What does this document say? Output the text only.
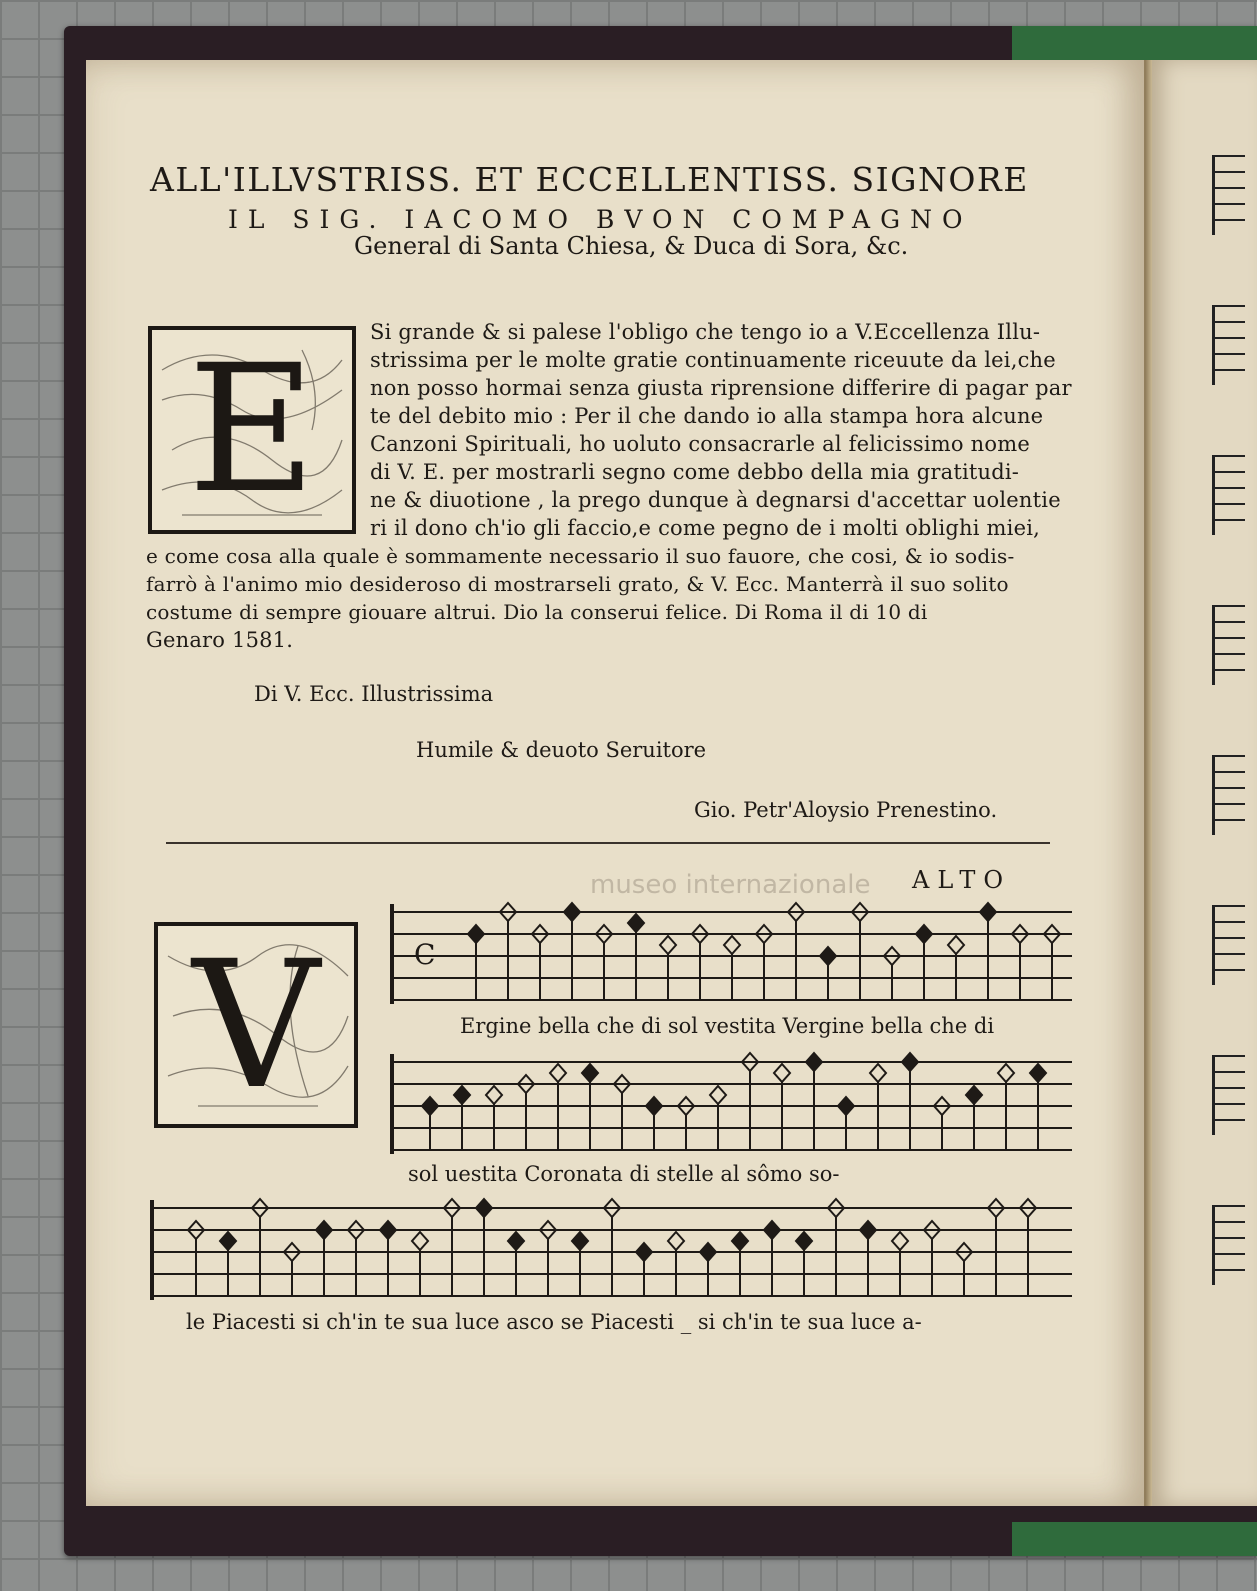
museo internazionale
ALL'ILLVSTRISS. ET ECCELLENTISS. SIGNORE
IL SIG. IACOMO BVON COMPAGNO
General di Santa Chiesa, & Duca di Sora, &c.
E	Si grande & si palese l'obligo che tengo io a V.Eccellenza Illu-
strissima per le molte gratie continuamente riceuute da lei,che
non posso hormai senza giusta riprensione differire di pagar par
te del debito mio : Per il che dando io alla stampa hora alcune
Canzoni Spirituali, ho uoluto consacrarle al felicissimo nome
di V. E. per mostrarli segno come debbo della mia gratitudi-
ne & diuotione , la prego dunque à degnarsi d'accettar uolentie
ri il dono ch'io gli faccio,e come pegno de i molti oblighi miei,
e come cosa alla quale è sommamente necessario il suo fauore, che cosi, & io sodis-
farrò à l'animo mio desideroso di mostrarseli grato, & V. Ecc. Manterrà il suo solito
costume di sempre giouare altrui. Dio la conserui felice. Di Roma il di 10 di
Genaro 1581.
Di V. Ecc. Illustrissima
Humile & deuoto Seruitore
Gio. Petr'Aloysio Prenestino.
ALTO
V	C
Ergine bella che di sol vestita Vergine bella che di
sol uestita Coronata di stelle al sômo so-
le Piacesti si ch'in te sua luce asco se Piacesti _ si ch'in te sua luce a-
